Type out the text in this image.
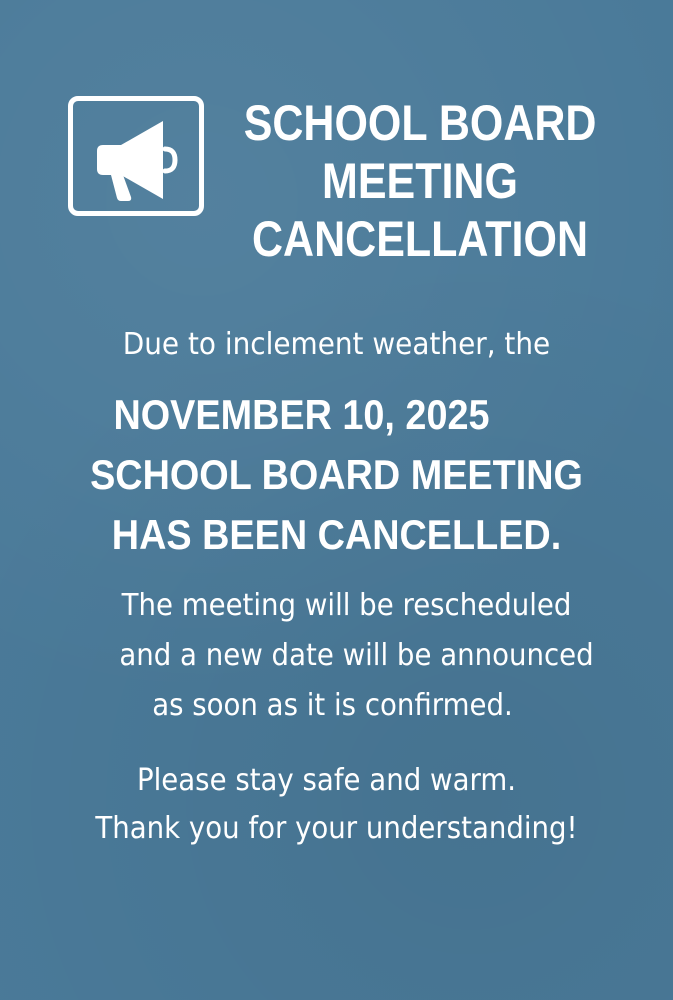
SCHOOL BOARD
MEETING
CANCELLATION
Due to inclement weather, the
NOVEMBER 10, 2025
SCHOOL BOARD MEETING
HAS BEEN CANCELLED.
The meeting will be rescheduled
and a new date will be announced
as soon as it is confirmed.
Please stay safe and warm.
Thank you for your understanding!
